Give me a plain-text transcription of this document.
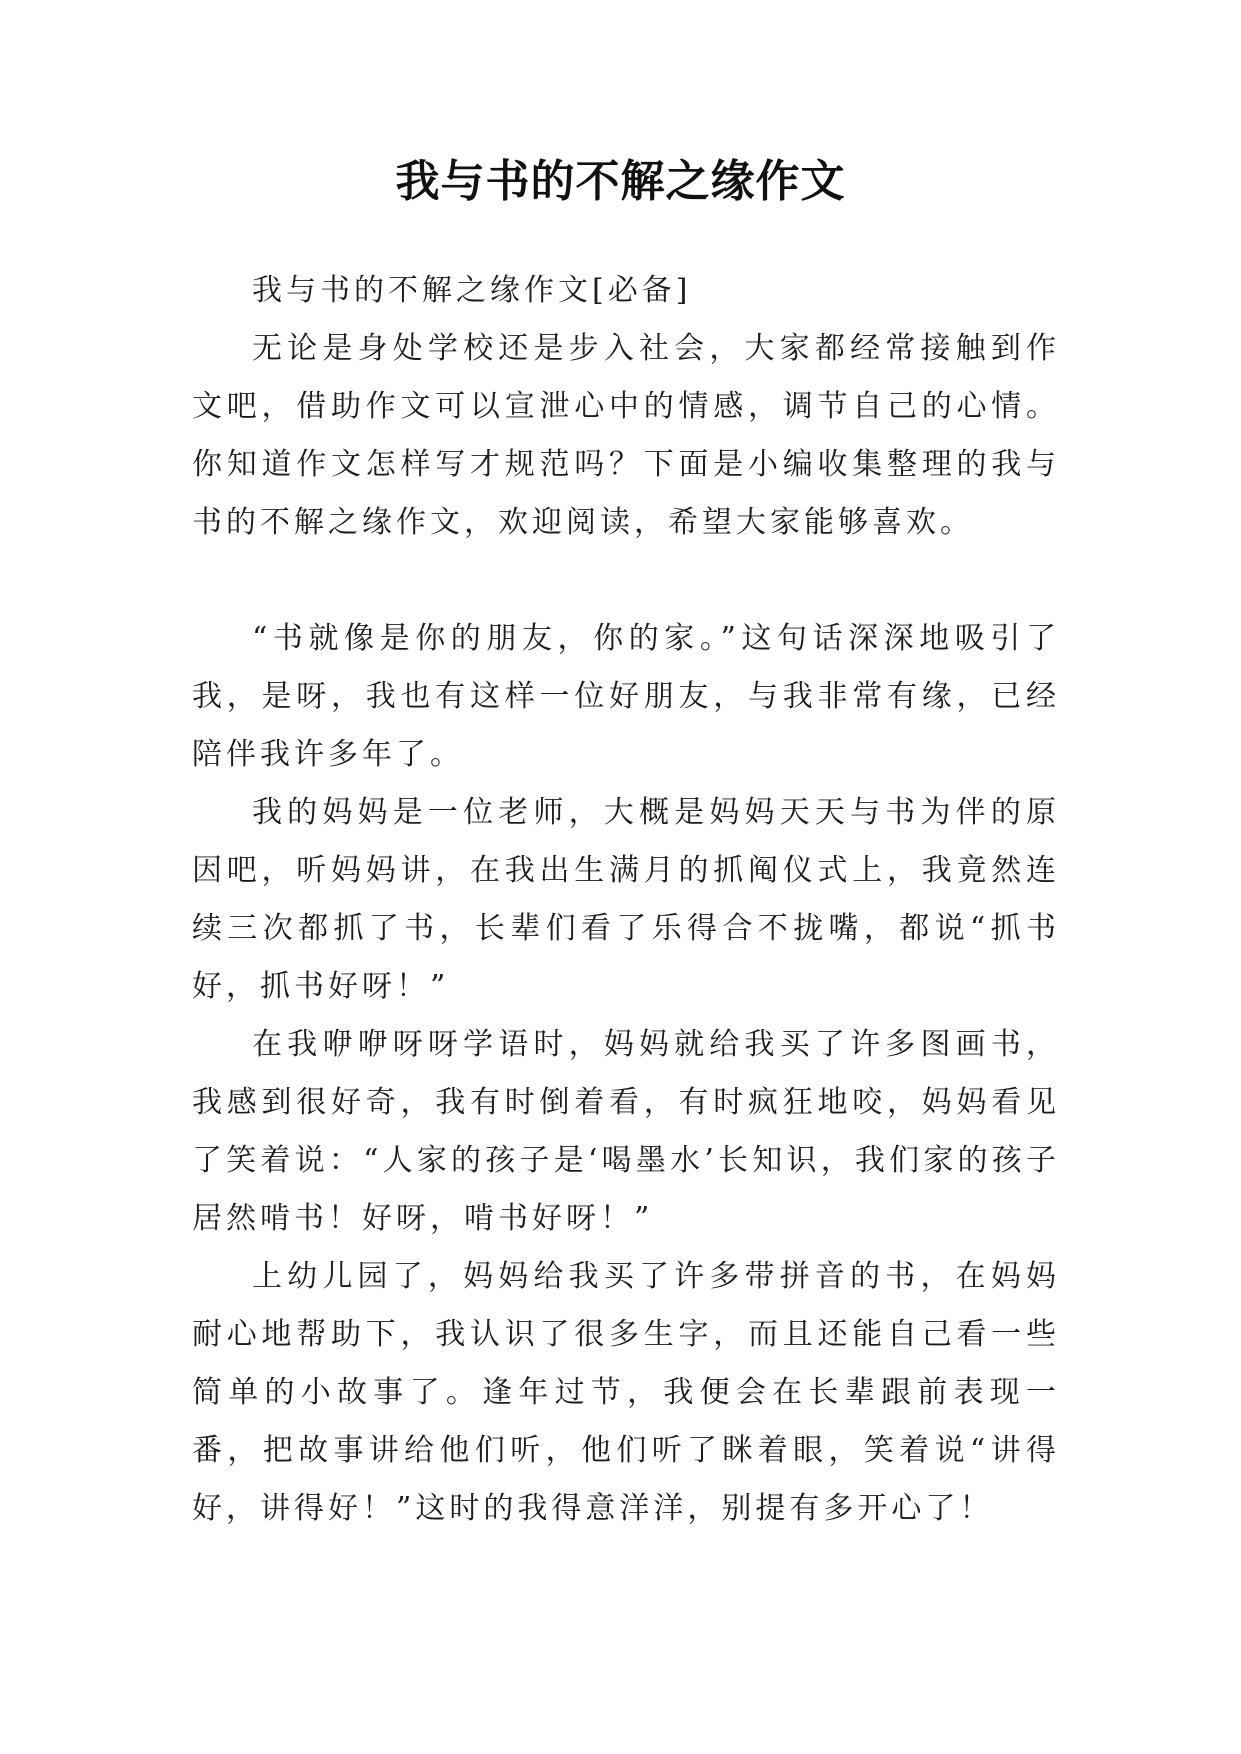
我与书的不解之缘作文

我与书的不解之缘作文[必备]

无论是身处学校还是步入社会，大家都经常接触到作文吧，借助作文可以宣泄心中的情感，调节自己的心情。你知道作文怎样写才规范吗？下面是小编收集整理的我与书的不解之缘作文，欢迎阅读，希望大家能够喜欢。

“书就像是你的朋友，你的家。”这句话深深地吸引了我，是呀，我也有这样一位好朋友，与我非常有缘，已经陪伴我许多年了。

我的妈妈是一位老师，大概是妈妈天天与书为伴的原因吧，听妈妈讲，在我出生满月的抓阄仪式上，我竟然连续三次都抓了书，长辈们看了乐得合不拢嘴，都说“抓书好，抓书好呀！”

在我咿咿呀呀学语时，妈妈就给我买了许多图画书，我感到很好奇，我有时倒着看，有时疯狂地咬，妈妈看见了笑着说：“人家的孩子是‘喝墨水’长知识，我们家的孩子居然啃书！好呀，啃书好呀！”

上幼儿园了，妈妈给我买了许多带拼音的书，在妈妈耐心地帮助下，我认识了很多生字，而且还能自己看一些简单的小故事了。逢年过节，我便会在长辈跟前表现一番，把故事讲给他们听，他们听了眯着眼，笑着说“讲得好，讲得好！”这时的我得意洋洋，别提有多开心了！
